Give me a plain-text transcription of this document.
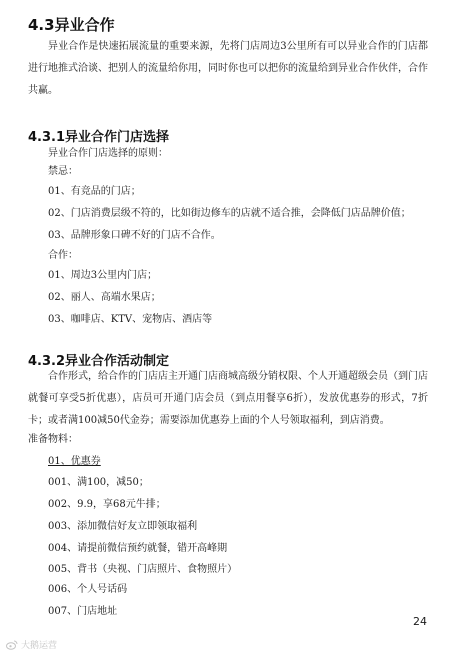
4.3异业合作

异业合作是快速拓展流量的重要来源，先将门店周边3公里所有可以异业合作的门店都进行地推式洽谈、把别人的流量给你用，同时你也可以把你的流量给到异业合作伙伴，合作共赢。

4.3.1异业合作门店选择

异业合作门店选择的原则：

禁忌：

01、有竞品的门店；

02、门店消费层级不符的，比如街边修车的店就不适合推，会降低门店品牌价值；

03、品牌形象口碑不好的门店不合作。

合作：

01、周边3公里内门店；

02、丽人、高端水果店；

03、咖啡店、KTV、宠物店、酒店等

4.3.2异业合作活动制定

合作形式，给合作的门店店主开通门店商城高级分销权限、个人开通超级会员（到门店就餐可享受5折优惠），店员可开通门店会员（到点用餐享6折），发放优惠券的形式，7折卡；或者满100减50代金券；需要添加优惠券上面的个人号领取福利，到店消费。

准备物料：

01、优惠券

001、满100，减50；

002、9.9，享68元牛排；

003、添加微信好友立即领取福利

004、请提前微信预约就餐，错开高峰期

005、背书（央视、门店照片、食物照片）

006、个人号话码

007、门店地址

24
大鹅运营
